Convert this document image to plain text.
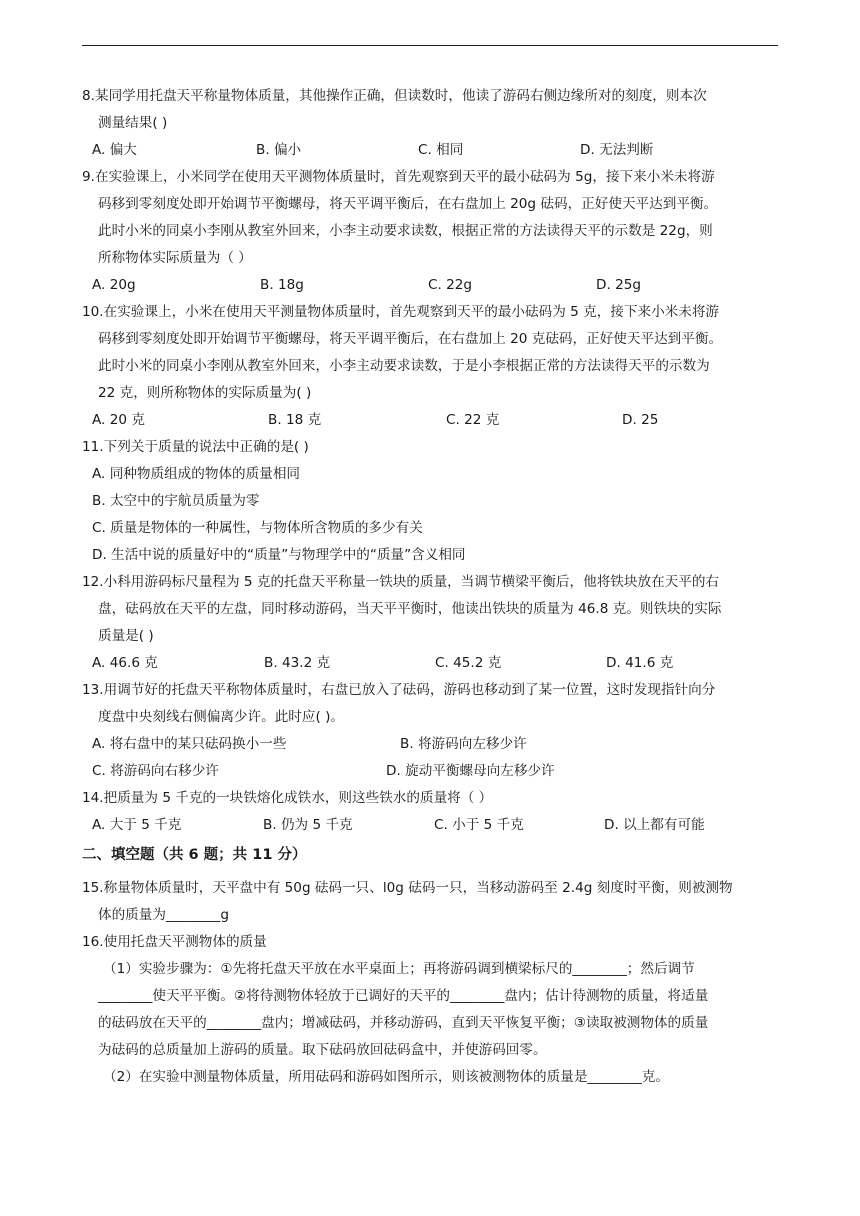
8.某同学用托盘天平称量物体质量，其他操作正确，但读数时，他读了游码右侧边缘所对的刻度，则本次
测量结果( )
A. 偏大	B. 偏小	C. 相同	D. 无法判断
9.在实验课上，小米同学在使用天平测物体质量时，首先观察到天平的最小砝码为 5g，接下来小米未将游
码移到零刻度处即开始调节平衡螺母，将天平调平衡后，在右盘加上 20g 砝码，正好使天平达到平衡。
此时小米的同桌小李刚从教室外回来，小李主动要求读数，根据正常的方法读得天平的示数是 22g，则
所称物体实际质量为（ ）
A. 20g	B. 18g	C. 22g	D. 25g
10.在实验课上，小米在使用天平测量物体质量时，首先观察到天平的最小砝码为 5 克，接下来小米未将游
码移到零刻度处即开始调节平衡螺母，将天平调平衡后，在右盘加上 20 克砝码，正好使天平达到平衡。
此时小米的同桌小李刚从教室外回来，小李主动要求读数，于是小李根据正常的方法读得天平的示数为
22 克，则所称物体的实际质量为( )
A. 20 克	B. 18 克	C. 22 克	D. 25
11.下列关于质量的说法中正确的是( )
A. 同种物质组成的物体的质量相同
B. 太空中的宇航员质量为零
C. 质量是物体的一种属性，与物体所含物质的多少有关
D. 生活中说的质量好中的“质量”与物理学中的“质量”含义相同
12.小科用游码标尺量程为 5 克的托盘天平称量一铁块的质量，当调节横梁平衡后，他将铁块放在天平的右
盘，砝码放在天平的左盘，同时移动游码，当天平平衡时，他读出铁块的质量为 46.8 克。则铁块的实际
质量是( )
A. 46.6 克	B. 43.2 克	C. 45.2 克	D. 41.6 克
13.用调节好的托盘天平称物体质量时，右盘已放入了砝码，游码也移动到了某一位置，这时发现指针向分
度盘中央刻线右侧偏离少许。此时应( )。
A. 将右盘中的某只砝码换小一些	B. 将游码向左移少许
C. 将游码向右移少许	D. 旋动平衡螺母向左移少许
14.把质量为 5 千克的一块铁熔化成铁水，则这些铁水的质量将（ ）
A. 大于 5 千克	B. 仍为 5 千克	C. 小于 5 千克	D. 以上都有可能
二、填空题（共 6 题；共 11 分）
15.称量物体质量时，天平盘中有 50g 砝码一只、l0g 砝码一只，当移动游码至 2.4g 刻度时平衡，则被测物
体的质量为________g
16.使用托盘天平测物体的质量
（1）实验步骤为：①先将托盘天平放在水平桌面上；再将游码调到横梁标尺的________；然后调节
________使天平平衡。②将待测物体轻放于已调好的天平的________盘内；估计待测物的质量，将适量
的砝码放在天平的________盘内；增减砝码，并移动游码，直到天平恢复平衡；③读取被测物体的质量
为砝码的总质量加上游码的质量。取下砝码放回砝码盒中，并使游码回零。
（2）在实验中测量物体质量，所用砝码和游码如图所示，则该被测物体的质量是________克。
